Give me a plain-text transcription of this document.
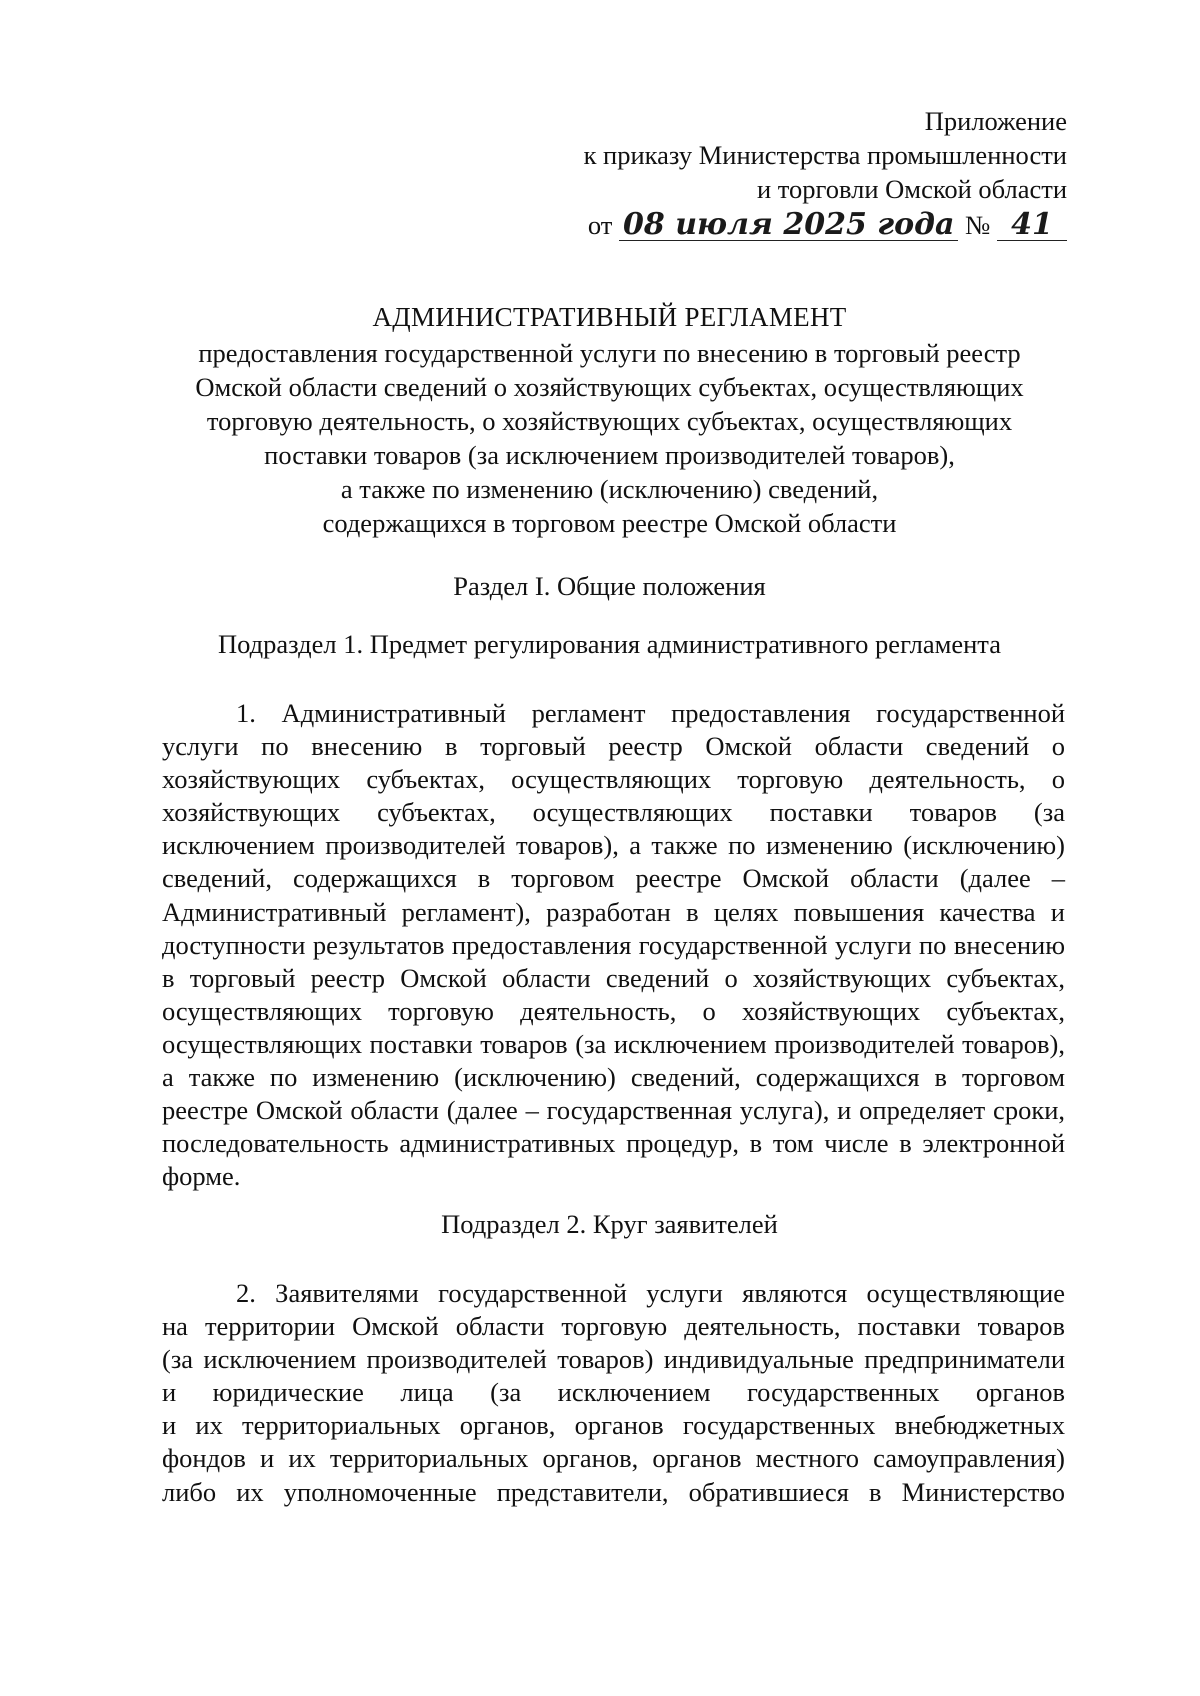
Приложение
к приказу Министерства промышленности
и торговли Омской области
от 08 июля 2025 года № 41
АДМИНИСТРАТИВНЫЙ РЕГЛАМЕНТ
предоставления государственной услуги по внесению в торговый реестр
Омской области сведений о хозяйствующих субъектах, осуществляющих
торговую деятельность, о хозяйствующих субъектах, осуществляющих
поставки товаров (за исключением производителей товаров),
а также по изменению (исключению) сведений,
содержащихся в торговом реестре Омской области
Раздел I. Общие положения
Подраздел 1. Предмет регулирования административного регламента
1. Административный регламент предоставления государственной
услуги по внесению в торговый реестр Омской области сведений о
хозяйствующих субъектах, осуществляющих торговую деятельность, о
хозяйствующих субъектах, осуществляющих поставки товаров (за
исключением производителей товаров), а также по изменению (исключению)
сведений, содержащихся в торговом реестре Омской области (далее –
Административный регламент), разработан в целях повышения качества и
доступности результатов предоставления государственной услуги по внесению
в торговый реестр Омской области сведений о хозяйствующих субъектах,
осуществляющих торговую деятельность, о хозяйствующих субъектах,
осуществляющих поставки товаров (за исключением производителей товаров),
а также по изменению (исключению) сведений, содержащихся в торговом
реестре Омской области (далее – государственная услуга), и определяет сроки,
последовательность административных процедур, в том числе в электронной
форме.
Подраздел 2. Круг заявителей
2. Заявителями государственной услуги являются осуществляющие
на территории Омской области торговую деятельность, поставки товаров
(за исключением производителей товаров) индивидуальные предприниматели
и юридические лица (за исключением государственных органов
и их территориальных органов, органов государственных внебюджетных
фондов и их территориальных органов, органов местного самоуправления)
либо их уполномоченные представители, обратившиеся в Министерство
